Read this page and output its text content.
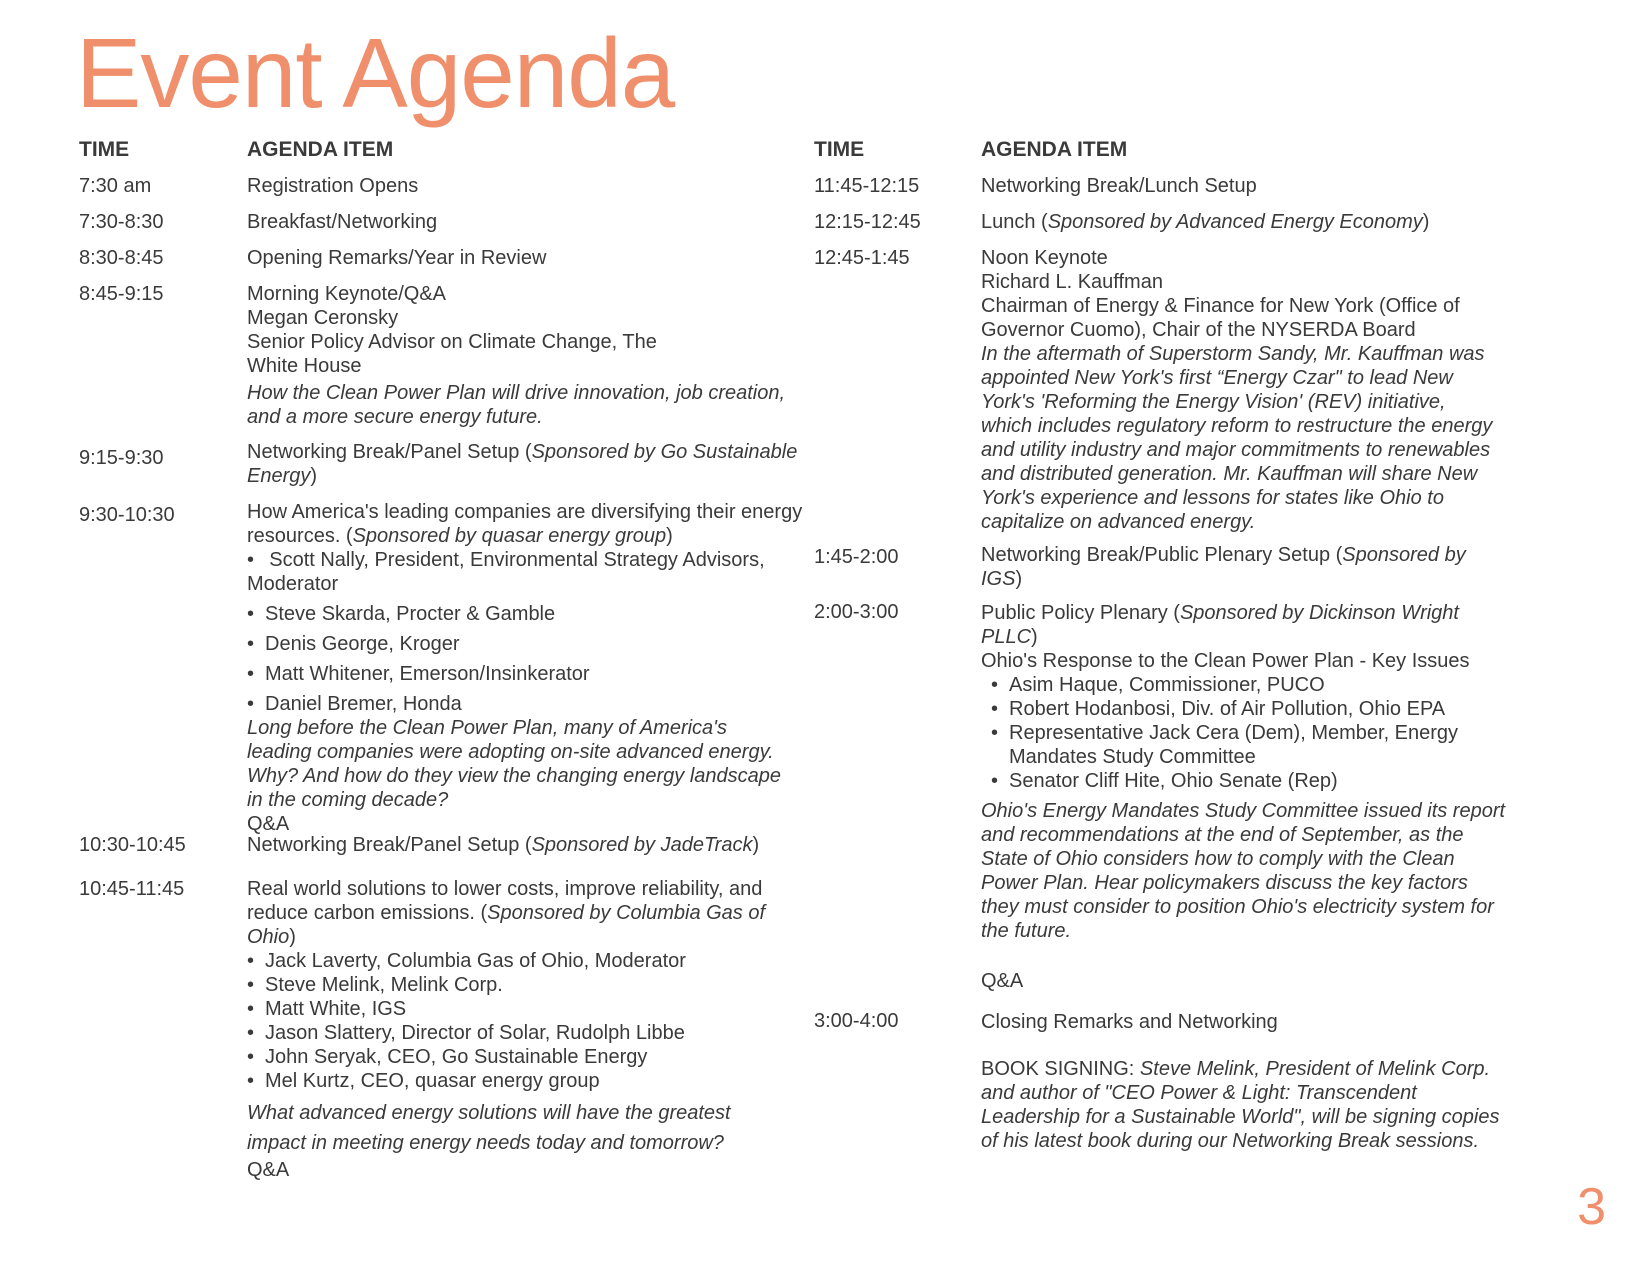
Event Agenda
TIME	AGENDA ITEM
7:30 am
7:30-8:30
8:30-8:45
8:45-9:15
9:15-9:30
9:30-10:30
10:30-10:45
10:45-11:45
Registration Opens
Breakfast/Networking
Opening Remarks/Year in Review
Morning Keynote/Q&A
Megan Ceronsky
Senior Policy Advisor on Climate Change, The
White House
How the Clean Power Plan will drive innovation, job creation, and a more secure energy future.
Networking Break/Panel Setup (Sponsored by Go Sustainable Energy)
How America's leading companies are diversifying their energy resources. (Sponsored by quasar energy group)
• Scott Nally, President, Environmental Strategy Advisors, Moderator
• Steve Skarda, Procter & Gamble
• Denis George, Kroger
• Matt Whitener, Emerson/Insinkerator
• Daniel Bremer, Honda
Long before the Clean Power Plan, many of America's leading companies were adopting on-site advanced energy. Why? And how do they view the changing energy landscape in the coming decade?
Q&A
Networking Break/Panel Setup (Sponsored by JadeTrack)
Real world solutions to lower costs, improve reliability, and reduce carbon emissions. (Sponsored by Columbia Gas of Ohio)
• Jack Laverty, Columbia Gas of Ohio, Moderator
• Steve Melink, Melink Corp.
• Matt White, IGS
• Jason Slattery, Director of Solar, Rudolph Libbe
• John Seryak, CEO, Go Sustainable Energy
• Mel Kurtz, CEO, quasar energy group
What advanced energy solutions will have the greatest impact in meeting energy needs today and tomorrow?
Q&A
TIME	AGENDA ITEM
11:45-12:15
12:15-12:45
12:45-1:45
1:45-2:00
2:00-3:00
3:00-4:00
Networking Break/Lunch Setup
Lunch (Sponsored by Advanced Energy Economy)
Noon Keynote
Richard L. Kauffman
Chairman of Energy & Finance for New York (Office of Governor Cuomo), Chair of the NYSERDA Board
In the aftermath of Superstorm Sandy, Mr. Kauffman was appointed New York's first “Energy Czar" to lead New York's 'Reforming the Energy Vision' (REV) initiative, which includes regulatory reform to restructure the energy and utility industry and major commitments to renewables and distributed generation. Mr. Kauffman will share New York's experience and lessons for states like Ohio to capitalize on advanced energy.
Networking Break/Public Plenary Setup (Sponsored by IGS)
Public Policy Plenary (Sponsored by Dickinson Wright PLLC)
Ohio's Response to the Clean Power Plan - Key Issues
• Asim Haque, Commissioner, PUCO
• Robert Hodanbosi, Div. of Air Pollution, Ohio EPA
• Representative Jack Cera (Dem), Member, Energy Mandates Study Committee
• Senator Cliff Hite, Ohio Senate (Rep)
Ohio's Energy Mandates Study Committee issued its report and recommendations at the end of September, as the State of Ohio considers how to comply with the Clean Power Plan. Hear policymakers discuss the key factors they must consider to position Ohio's electricity system for the future.
Q&A
Closing Remarks and Networking
BOOK SIGNING: Steve Melink, President of Melink Corp. and author of "CEO Power & Light: Transcendent Leadership for a Sustainable World", will be signing copies of his latest book during our Networking Break sessions.
3
